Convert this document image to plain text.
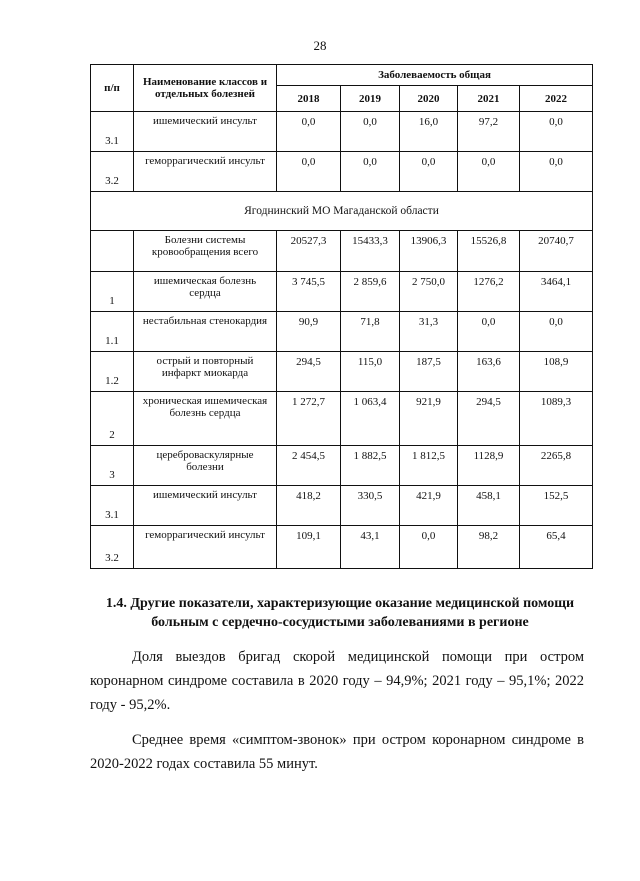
28
п/п	Наименование классов и отдельных болезней	Заболеваемость общая				
		2018	2019	2020	2021	2022
3.1	ишемический инсульт	0,0	0,0	16,0	97,2	0,0
3.2	геморрагический инсульт	0,0	0,0	0,0	0,0	0,0
Ягоднинский МО Магаданской области						
	Болезни системы кровообращения всего	20527,3	15433,3	13906,3	15526,8	20740,7
1	ишемическая болезнь сердца	3 745,5	2 859,6	2 750,0	1276,2	3464,1
1.1	нестабильная стенокардия	90,9	71,8	31,3	0,0	0,0
1.2	острый и повторный инфаркт миокарда	294,5	115,0	187,5	163,6	108,9
2	хроническая ишемическая болезнь сердца	1 272,7	1 063,4	921,9	294,5	1089,3
3	цереброваскулярные болезни	2 454,5	1 882,5	1 812,5	1128,9	2265,8
3.1	ишемический инсульт	418,2	330,5	421,9	458,1	152,5
3.2	геморрагический инсульт	109,1	43,1	0,0	98,2	65,4
1.4. Другие показатели, характеризующие оказание медицинской помощи больным с сердечно-сосудистыми заболеваниями в регионе

Доля выездов бригад скорой медицинской помощи при остром коронарном синдроме составила в 2020 году – 94,9%; 2021 году – 95,1%; 2022 году - 95,2%.

Среднее время «симптом-звонок» при остром коронарном синдроме в 2020-2022 годах составила 55 минут.
